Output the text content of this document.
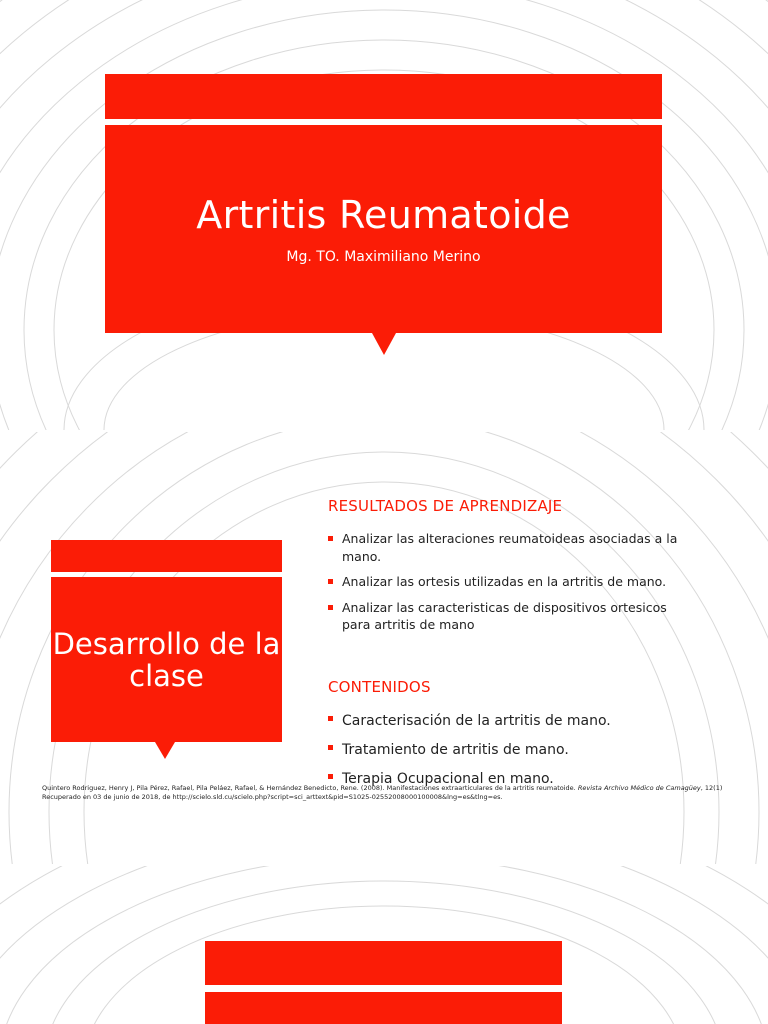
Artritis Reumatoide
Mg. TO. Maximiliano Merino
RESULTADOS DE APRENDIZAJE
Analizar las alteraciones reumatoideas asociadas a la mano.
Analizar las ortesis utilizadas en la artritis de mano.
Analizar las caracteristicas de dispositivos ortesicos para artritis de mano
CONTENIDOS
Caracterisación de la artritis de mano.
Tratamiento de artritis de mano.
Terapia Ocupacional en mano.
Desarrollo de la clase
Quintero Rodriguez, Henry J, Pila Pérez, Rafael, Pila Peláez, Rafael, & Hernández Benedicto, Rene. (2008). Manifestaciones extraarticulares de la artritis reumatoide. Revista Archivo Médico de Camagüey, 12(1) Recuperado en 03 de junio de 2018, de http://scielo.sld.cu/scielo.php?script=sci_arttext&pid=S1025-02552008000100008&lng=es&tlng=es.
